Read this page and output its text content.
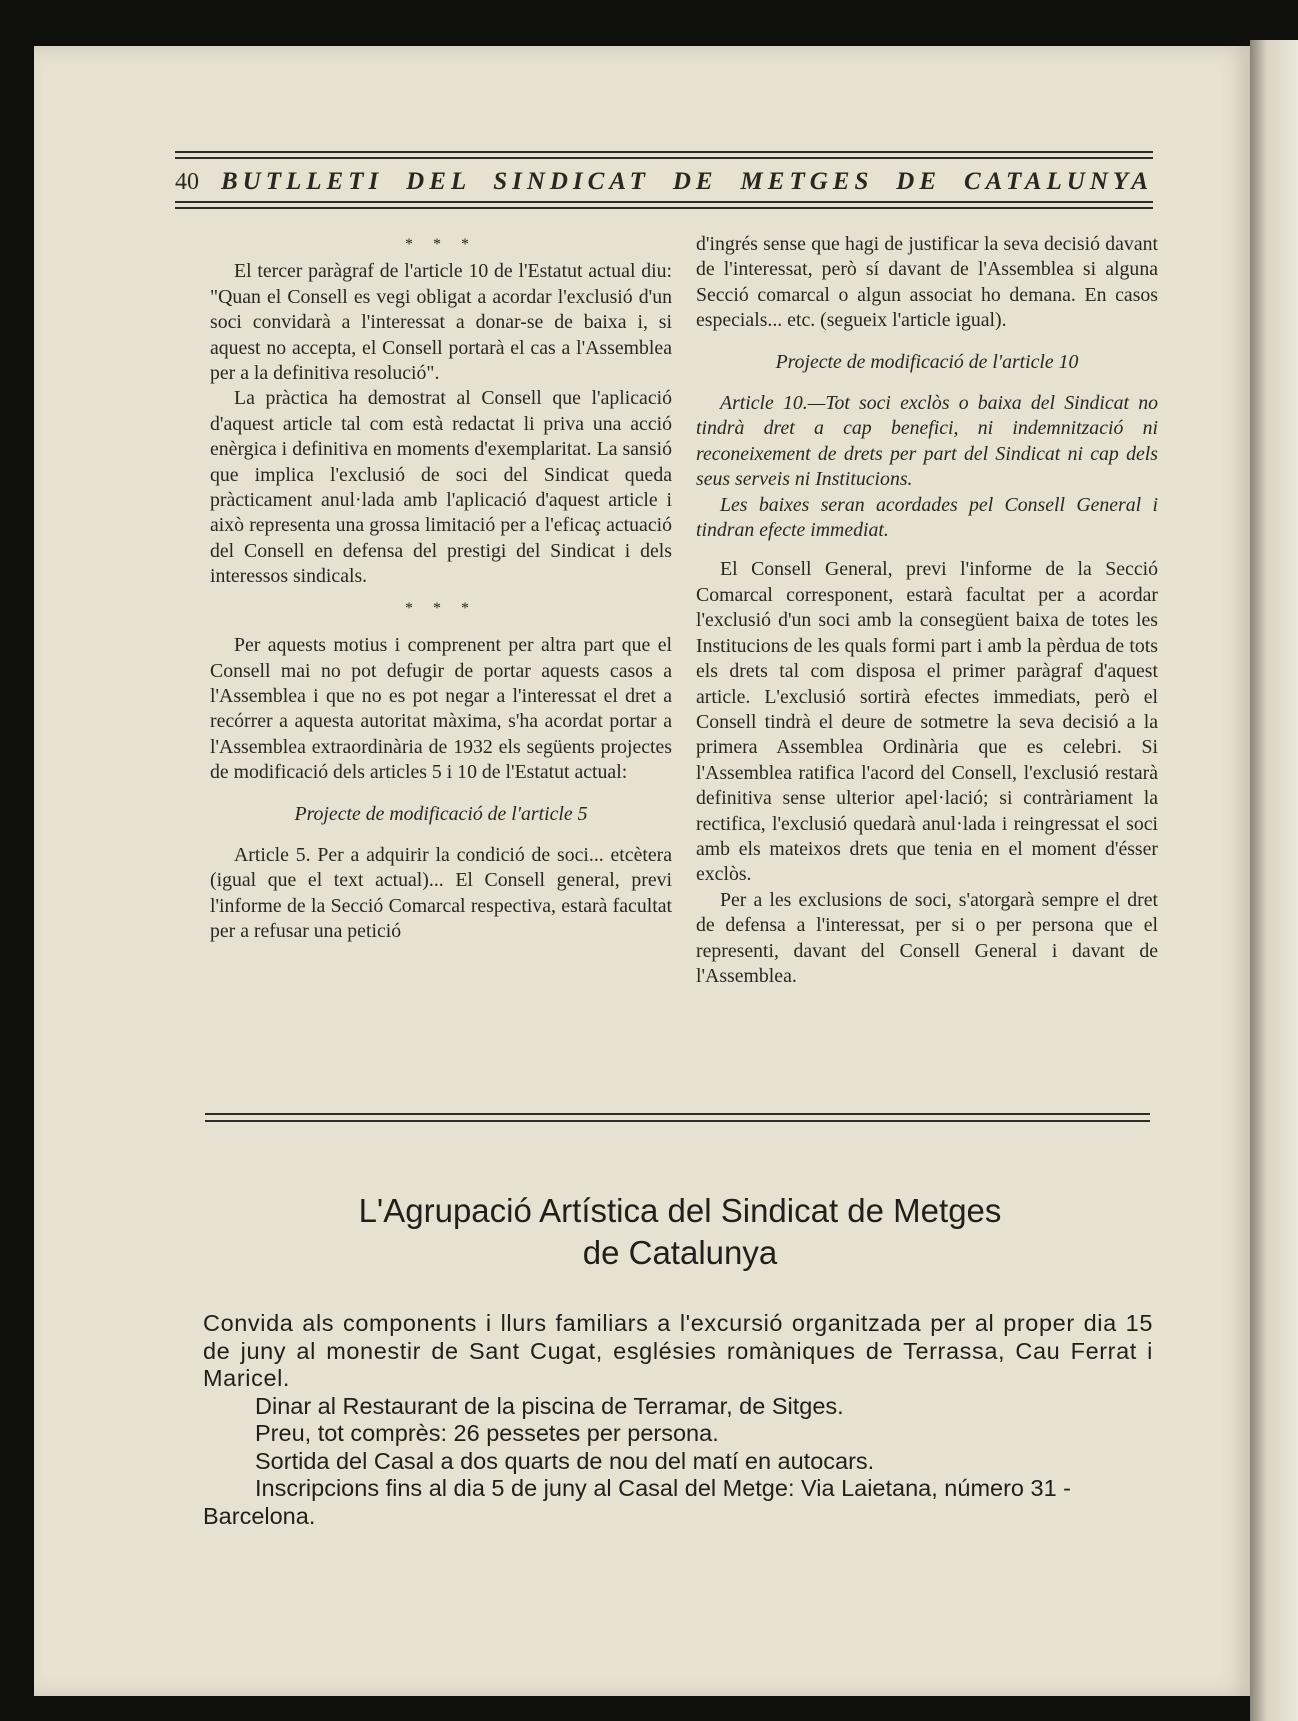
40 BUTLLETI DEL SINDICAT DE METGES DE CATALUNYA

* * *

El tercer paràgraf de l'article 10 de l'Estatut actual diu: "Quan el Consell es vegi obligat a acordar l'exclusió d'un soci convidarà a l'interessat a donar-se de baixa i, si aquest no accepta, el Consell portarà el cas a l'Assemblea per a la definitiva resolució".

La pràctica ha demostrat al Consell que l'aplicació d'aquest article tal com està redactat li priva una acció enèrgica i definitiva en moments d'exemplaritat. La sansió que implica l'exclusió de soci del Sindicat queda pràcticament anul·lada amb l'aplicació d'aquest article i això representa una grossa limitació per a l'eficaç actuació del Consell en defensa del prestigi del Sindicat i dels interessos sindicals.

* * *

Per aquests motius i comprenent per altra part que el Consell mai no pot defugir de portar aquests casos a l'Assemblea i que no es pot negar a l'interessat el dret a recórrer a aquesta autoritat màxima, s'ha acordat portar a l'Assemblea extraordinària de 1932 els següents projectes de modificació dels articles 5 i 10 de l'Estatut actual:

Projecte de modificació de l'article 5

Article 5. Per a adquirir la condició de soci... etcètera (igual que el text actual)... El Consell general, previ l'informe de la Secció Comarcal respectiva, estarà facultat per a refusar una petició

d'ingrés sense que hagi de justificar la seva decisió davant de l'interessat, però sí davant de l'Assemblea si alguna Secció comarcal o algun associat ho demana. En casos especials... etc. (segueix l'article igual).

Projecte de modificació de l'article 10

Article 10.—Tot soci exclòs o baixa del Sindicat no tindrà dret a cap benefici, ni indemnització ni reconeixement de drets per part del Sindicat ni cap dels seus serveis ni Institucions.

Les baixes seran acordades pel Consell General i tindran efecte immediat.

El Consell General, previ l'informe de la Secció Comarcal corresponent, estarà facultat per a acordar l'exclusió d'un soci amb la consegüent baixa de totes les Institucions de les quals formi part i amb la pèrdua de tots els drets tal com disposa el primer paràgraf d'aquest article. L'exclusió sortirà efectes immediats, però el Consell tindrà el deure de sotmetre la seva decisió a la primera Assemblea Ordinària que es celebri. Si l'Assemblea ratifica l'acord del Consell, l'exclusió restarà definitiva sense ulterior apel·lació; si contràriament la rectifica, l'exclusió quedarà anul·lada i reingressat el soci amb els mateixos drets que tenia en el moment d'ésser exclòs.

Per a les exclusions de soci, s'atorgarà sempre el dret de defensa a l'interessat, per si o per persona que el representi, davant del Consell General i davant de l'Assemblea.

L'Agrupació Artística del Sindicat de Metges
de Catalunya

Convida als components i llurs familiars a l'excursió organitzada per al proper dia 15 de juny al monestir de Sant Cugat, esglésies romàniques de Terrassa, Cau Ferrat i Maricel.

Dinar al Restaurant de la piscina de Terramar, de Sitges.

Preu, tot comprès: 26 pessetes per persona.

Sortida del Casal a dos quarts de nou del matí en autocars.

Inscripcions fins al dia 5 de juny al Casal del Metge: Via Laietana, número 31 - Barcelona.
